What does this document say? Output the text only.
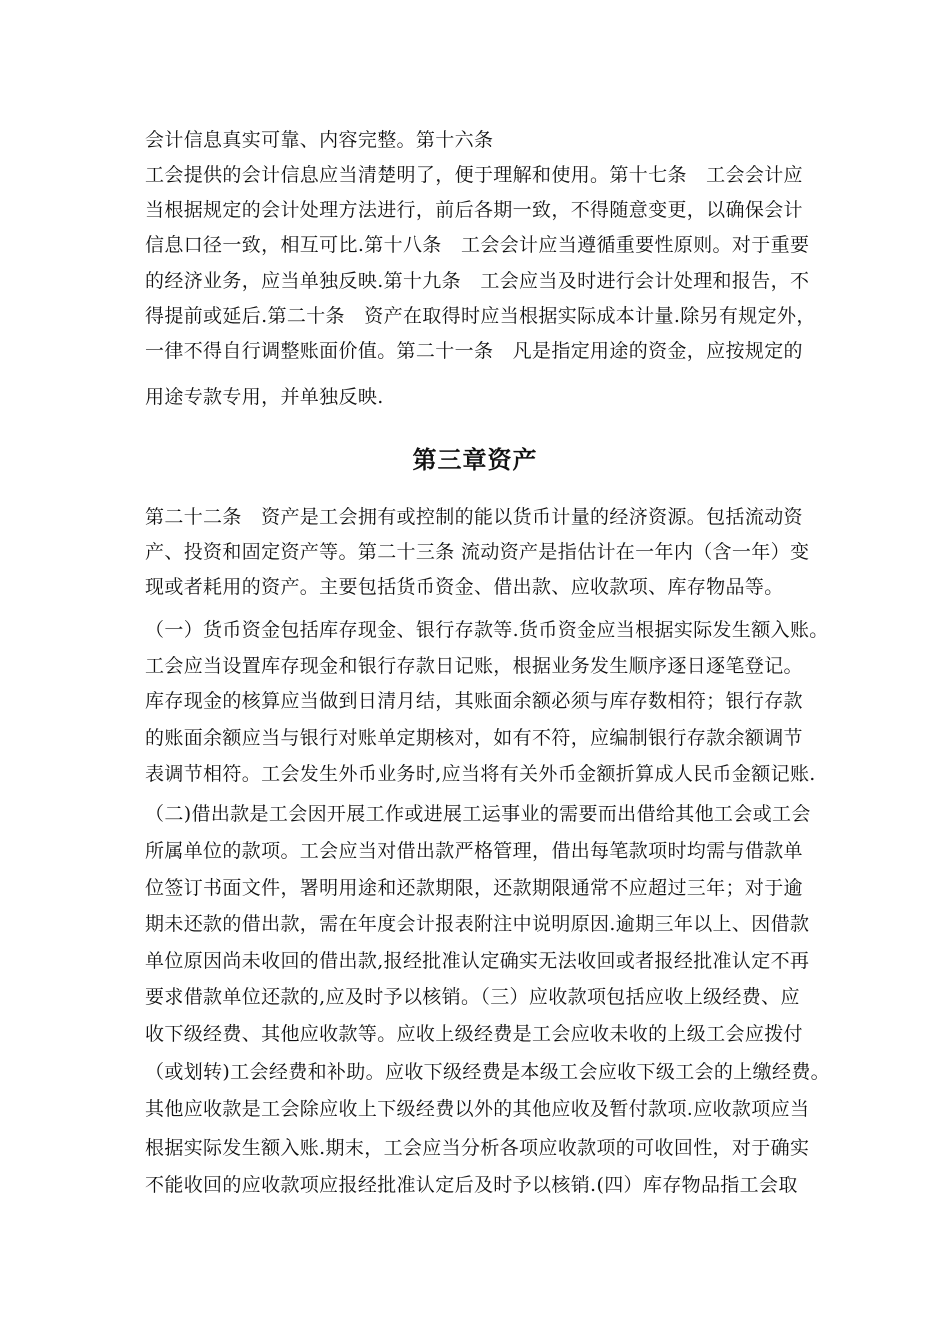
会计信息真实可靠、内容完整。第十六条
工会提供的会计信息应当清楚明了，便于理解和使用。第十七条　工会会计应
当根据规定的会计处理方法进行，前后各期一致，不得随意变更，以确保会计
信息口径一致，相互可比.第十八条　工会会计应当遵循重要性原则。对于重要
的经济业务，应当单独反映.第十九条　工会应当及时进行会计处理和报告，不
得提前或延后.第二十条　资产在取得时应当根据实际成本计量.除另有规定外，
一律不得自行调整账面价值。第二十一条　凡是指定用途的资金，应按规定的
用途专款专用，并单独反映.
第三章资产
第二十二条　资产是工会拥有或控制的能以货币计量的经济资源。包括流动资
产、投资和固定资产等。第二十三条 流动资产是指估计在一年内（含一年）变
现或者耗用的资产。主要包括货币资金、借出款、应收款项、库存物品等。
（一）货币资金包括库存现金、银行存款等.货币资金应当根据实际发生额入账。
工会应当设置库存现金和银行存款日记账，根据业务发生顺序逐日逐笔登记。
库存现金的核算应当做到日清月结，其账面余额必须与库存数相符；银行存款
的账面余额应当与银行对账单定期核对，如有不符，应编制银行存款余额调节
表调节相符。工会发生外币业务时,应当将有关外币金额折算成人民币金额记账.
（二)借出款是工会因开展工作或进展工运事业的需要而出借给其他工会或工会
所属单位的款项。工会应当对借出款严格管理，借出每笔款项时均需与借款单
位签订书面文件，署明用途和还款期限，还款期限通常不应超过三年；对于逾
期未还款的借出款，需在年度会计报表附注中说明原因.逾期三年以上、因借款
单位原因尚未收回的借出款,报经批准认定确实无法收回或者报经批准认定不再
要求借款单位还款的,应及时予以核销。（三）应收款项包括应收上级经费、应
收下级经费、其他应收款等。应收上级经费是工会应收未收的上级工会应拨付
（或划转)工会经费和补助。应收下级经费是本级工会应收下级工会的上缴经费。
其他应收款是工会除应收上下级经费以外的其他应收及暂付款项.应收款项应当
根据实际发生额入账.期末，工会应当分析各项应收款项的可收回性，对于确实
不能收回的应收款项应报经批准认定后及时予以核销.(四）库存物品指工会取
